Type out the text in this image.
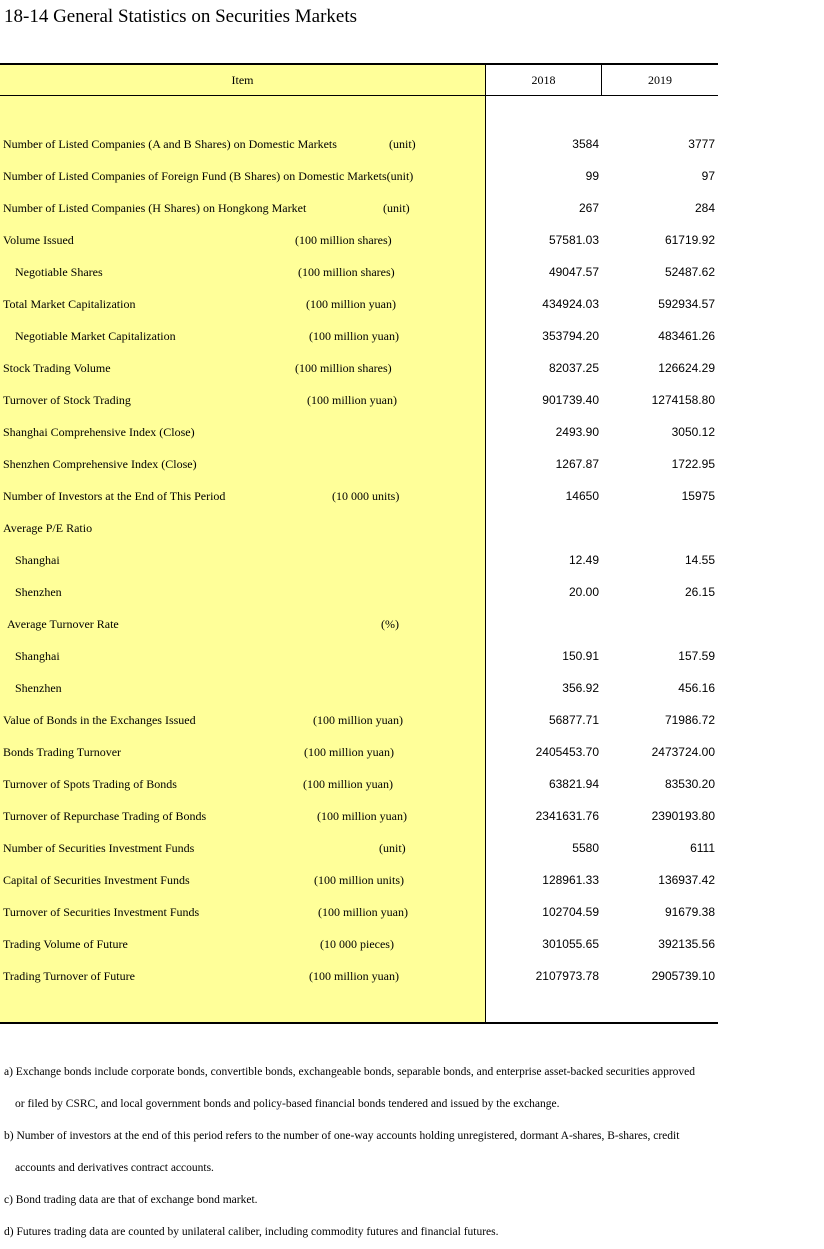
18-14 General Statistics on Securities Markets
Item	2018	2019
Number of Listed Companies (A and B Shares) on Domestic Markets	(unit)	3584	3777
Number of Listed Companies of Foreign Fund (B Shares) on Domestic Markets(unit)	99	97
Number of Listed Companies (H Shares) on Hongkong Market	(unit)	267	284
Volume Issued	(100 million shares)	57581.03	61719.92
Negotiable Shares	(100 million shares)	49047.57	52487.62
Total Market Capitalization	(100 million yuan)	434924.03	592934.57
Negotiable Market Capitalization	(100 million yuan)	353794.20	483461.26
Stock Trading Volume	(100 million shares)	82037.25	126624.29
Turnover of Stock Trading	(100 million yuan)	901739.40	1274158.80
Shanghai Comprehensive Index (Close)	2493.90	3050.12
Shenzhen Comprehensive Index (Close)	1267.87	1722.95
Number of Investors at the End of This Period	(10 000 units)	14650	15975
Average P/E Ratio
Shanghai	12.49	14.55
Shenzhen	20.00	26.15
Average Turnover Rate	(%)
Shanghai	150.91	157.59
Shenzhen	356.92	456.16
Value of Bonds in the Exchanges Issued	(100 million yuan)	56877.71	71986.72
Bonds Trading Turnover	(100 million yuan)	2405453.70	2473724.00
Turnover of Spots Trading of Bonds	(100 million yuan)	63821.94	83530.20
Turnover of Repurchase Trading of Bonds	(100 million yuan)	2341631.76	2390193.80
Number of Securities Investment Funds	(unit)	5580	6111
Capital of Securities Investment Funds	(100 million units)	128961.33	136937.42
Turnover of Securities Investment Funds	(100 million yuan)	102704.59	91679.38
Trading Volume of Future	(10 000 pieces)	301055.65	392135.56
Trading Turnover of Future	(100 million yuan)	2107973.78	2905739.10
a) Exchange bonds include corporate bonds, convertible bonds, exchangeable bonds, separable bonds, and enterprise asset-backed securities approved
or filed by CSRC, and local government bonds and policy-based financial bonds tendered and issued by the exchange.
b) Number of investors at the end of this period refers to the number of one-way accounts holding unregistered, dormant A-shares, B-shares, credit
accounts and derivatives contract accounts.
c) Bond trading data are that of exchange bond market.
d) Futures trading data are counted by unilateral caliber, including commodity futures and financial futures.
